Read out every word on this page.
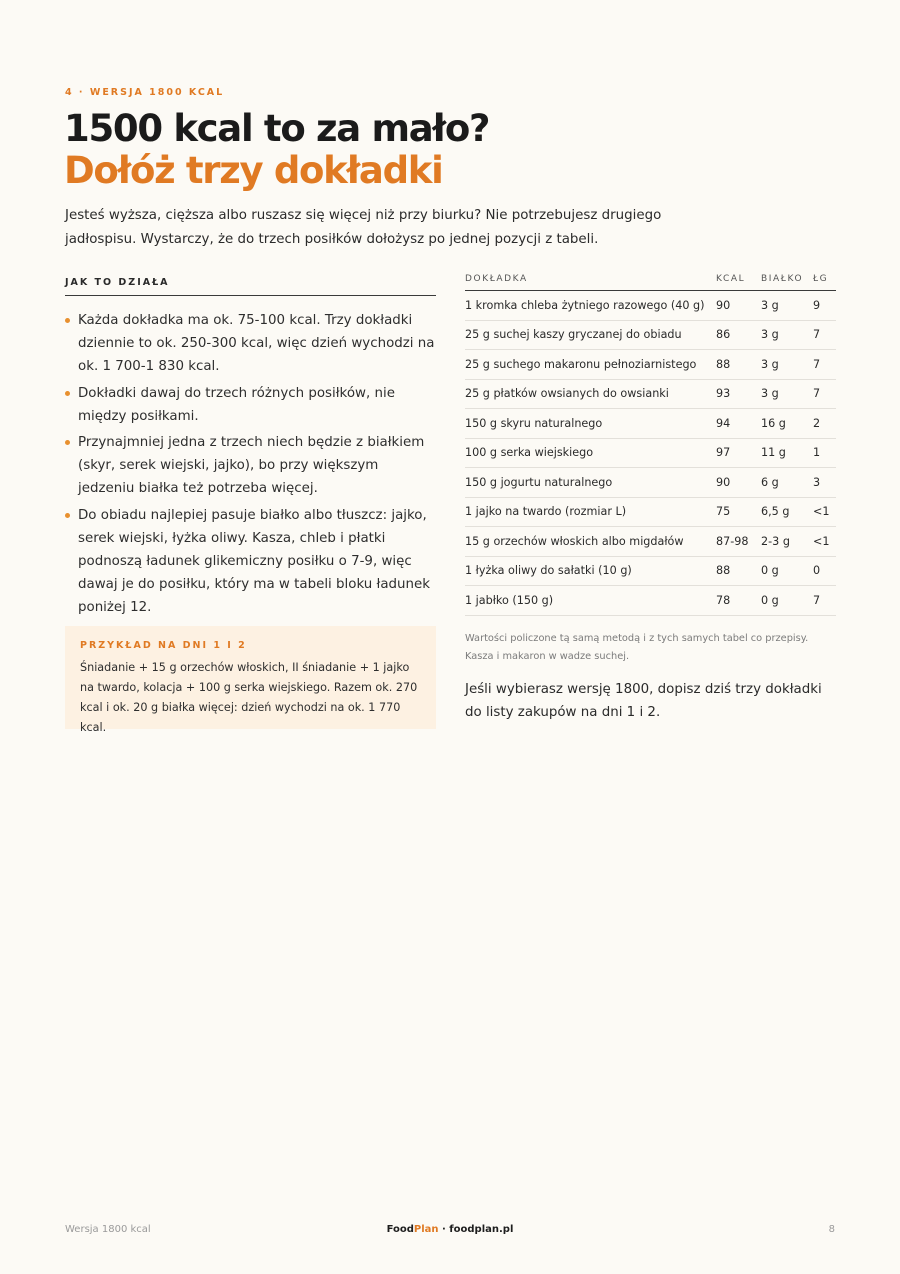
4 · WERSJA 1800 KCAL
1500 kcal to za mało?
Dołóż trzy dokładki

Jesteś wyższa, cięższa albo ruszasz się więcej niż przy biurku? Nie potrzebujesz drugiego jadłospisu. Wystarczy, że do trzech posiłków dołożysz po jednej pozycji z tabeli.

JAK TO DZIAŁA
Każda dokładka ma ok. 75-100 kcal. Trzy dokładki dziennie to ok. 250-300 kcal, więc dzień wychodzi na ok. 1 700-1 830 kcal.
Dokładki dawaj do trzech różnych posiłków, nie między posiłkami.
Przynajmniej jedna z trzech niech będzie z białkiem (skyr, serek wiejski, jajko), bo przy większym jedzeniu białka też potrzeba więcej.
Do obiadu najlepiej pasuje białko albo tłuszcz: jajko, serek wiejski, łyżka oliwy. Kasza, chleb i płatki podnoszą ładunek glikemiczny posiłku o 7-9, więc dawaj je do posiłku, który ma w tabeli bloku ładunek poniżej 12.
PRZYKŁAD NA DNI 1 I 2

Śniadanie + 15 g orzechów włoskich, II śniadanie + 1 jajko na twardo, kolacja + 100 g serka wiejskiego. Razem ok. 270 kcal i ok. 20 g białka więcej: dzień wychodzi na ok. 1 770 kcal.

DOKŁADKA	KCAL	BIAŁKO	ŁG
1 kromka chleba żytniego razowego (40 g)	90	3 g	9
25 g suchej kaszy gryczanej do obiadu	86	3 g	7
25 g suchego makaronu pełnoziarnistego	88	3 g	7
25 g płatków owsianych do owsianki	93	3 g	7
150 g skyru naturalnego	94	16 g	2
100 g serka wiejskiego	97	11 g	1
150 g jogurtu naturalnego	90	6 g	3
1 jajko na twardo (rozmiar L)	75	6,5 g	<1
15 g orzechów włoskich albo migdałów	87-98	2-3 g	<1
1 łyżka oliwy do sałatki (10 g)	88	0 g	0
1 jabłko (150 g)	78	0 g	7

Wartości policzone tą samą metodą i z tych samych tabel co przepisy. Kasza i makaron w wadze suchej.

Jeśli wybierasz wersję 1800, dopisz dziś trzy dokładki do listy zakupów na dni 1 i 2.

Wersja 1800 kcal	FoodPlan · foodplan.pl	8
